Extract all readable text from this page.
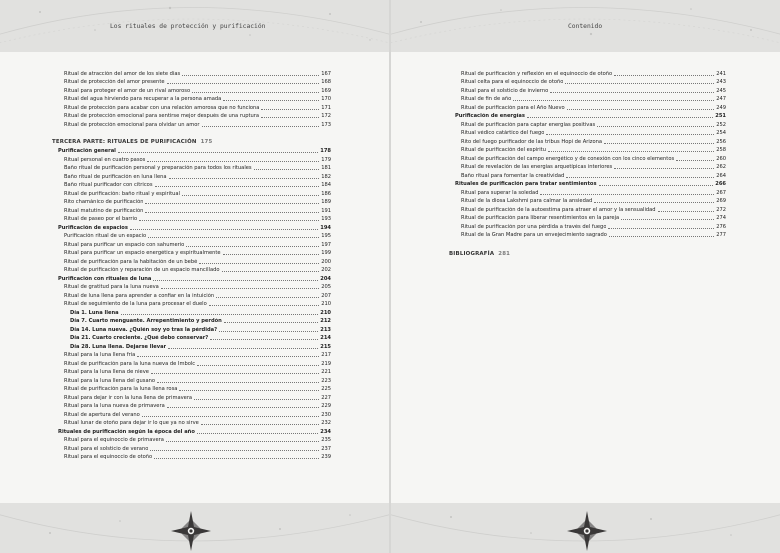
Los rituales de protección y purificación
Ritual de atracción del amor de los siete días	167
Ritual de protección del amor presente	168
Ritual para proteger el amor de un rival amoroso	169
Ritual del agua hirviendo para recuperar a la persona amada	170
Ritual de protección para acabar con una relación amorosa que no funciona	171
Ritual de protección emocional para sentirse mejor después de una ruptura	172
Ritual de protección emocional para olvidar un amor	173
TERCERA PARTE: RITUALES DE PURIFICACIÓN 175
Purificación general	178
Ritual personal en cuatro pasos	179
Baño ritual de purificación personal y preparación para todos los rituales	181
Baño ritual de purificación en luna llena	182
Baño ritual purificador con cítricos	184
Ritual de purificación: baño ritual y espiritual	186
Rito chamánico de purificación	189
Ritual matutino de purificación	191
Ritual de paseo por el barrio	193
Purificación de espacios	194
Purificación ritual de un espacio	195
Ritual para purificar un espacio con sahumerio	197
Ritual para purificar un espacio energética y espiritualmente	199
Ritual de purificación para la habitación de un bebé	200
Ritual de purificación y reparación de un espacio mancillado	202
Purificación con rituales de luna	204
Ritual de gratitud para la luna nueva	205
Ritual de luna llena para aprender a confiar en la intuición	207
Ritual de seguimiento de la luna para procesar el duelo	210
Día 1. Luna llena	210
Día 7. Cuarto menguante. Arrepentimiento y perdón	212
Día 14. Luna nueva. ¿Quién soy yo tras la pérdida?	213
Día 21. Cuarto creciente. ¿Qué debo conservar?	214
Día 28. Luna llena. Dejarse llevar	215
Ritual para la luna llena fría	217
Ritual de purificación para la luna nueva de Imbolc	219
Ritual para la luna llena de nieve	221
Ritual para la luna llena del gusano	223
Ritual de purificación para la luna llena rosa	225
Ritual para dejar ir con la luna llena de primavera	227
Ritual para la luna nueva de primavera	229
Ritual de apertura del verano	230
Ritual lunar de otoño para dejar ir lo que ya no sirve	232
Rituales de purificación según la época del año	234
Ritual para el equinoccio de primavera	235
Ritual para el solsticio de verano	237
Ritual para el equinoccio de otoño	239
Contenido
Ritual de purificación y reflexión en el equinoccio de otoño	241
Ritual celta para el equinoccio de otoño	243
Ritual para el solsticio de invierno	245
Ritual de fin de año	247
Ritual de purificación para el Año Nuevo	249
Purificación de energías	251
Ritual de purificación para captar energías positivas	252
Ritual védico catártico del fuego	254
Rito del fuego purificador de las tribus Hopi de Arizona	256
Ritual de purificación del espíritu	258
Ritual de purificación del campo energético y de conexión con los cinco elementos	260
Ritual de revelación de las energías arquetípicas interiores	262
Baño ritual para fomentar la creatividad	264
Rituales de purificación para tratar sentimientos	266
Ritual para superar la soledad	267
Ritual de la diosa Lakshmi para calmar la ansiedad	269
Ritual de purificación de la autoestima para atraer el amor y la sensualidad	272
Ritual de purificación para liberar resentimientos en la pareja	274
Ritual de purificación por una pérdida a través del fuego	276
Ritual de la Gran Madre para un envejecimiento sagrado	277
BIBLIOGRAFÍA 281
